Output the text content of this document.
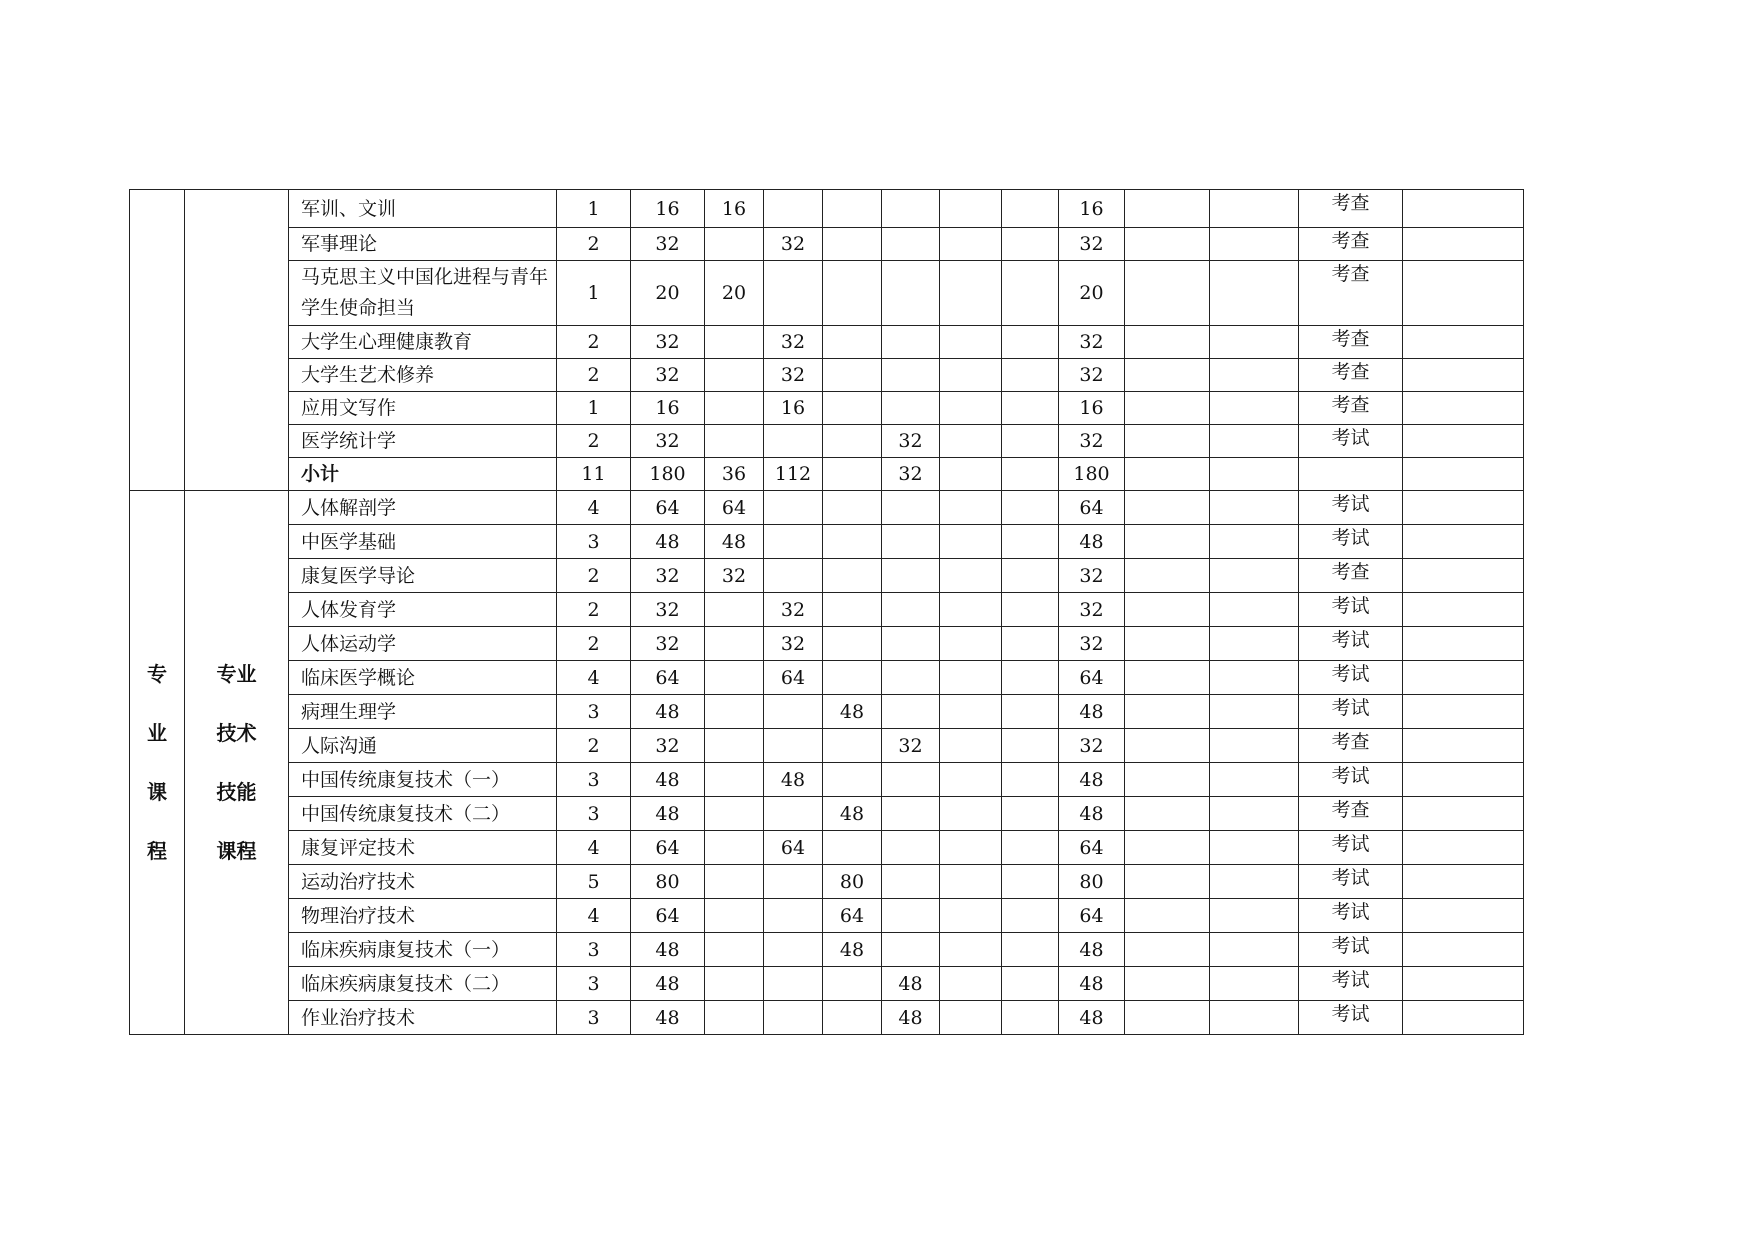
		军训、文训	1	16	16						16			考查	
		军事理论	2	32		32					32			考查	
		马克思主义中国化进程与青年学生使命担当	1	20	20						20			考查	
		大学生心理健康教育	2	32		32					32			考查	
		大学生艺术修养	2	32		32					32			考查	
		应用文写作	1	16		16					16			考查	
		医学统计学	2	32				32			32			考试	
		小计	11	180	36	112		32			180				
专业课程	专业技术技能课程	人体解剖学	4	64	64						64			考试	
		中医学基础	3	48	48						48			考试	
		康复医学导论	2	32	32						32			考查	
		人体发育学	2	32		32					32			考试	
		人体运动学	2	32		32					32			考试	
		临床医学概论	4	64		64					64			考试	
		病理生理学	3	48			48				48			考试	
		人际沟通	2	32				32			32			考查	
		中国传统康复技术（一）	3	48		48					48			考试	
		中国传统康复技术（二）	3	48			48				48			考查	
		康复评定技术	4	64		64					64			考试	
		运动治疗技术	5	80			80				80			考试	
		物理治疗技术	4	64			64				64			考试	
		临床疾病康复技术（一）	3	48			48				48			考试	
		临床疾病康复技术（二）	3	48				48			48			考试	
		作业治疗技术	3	48				48			48			考试	
